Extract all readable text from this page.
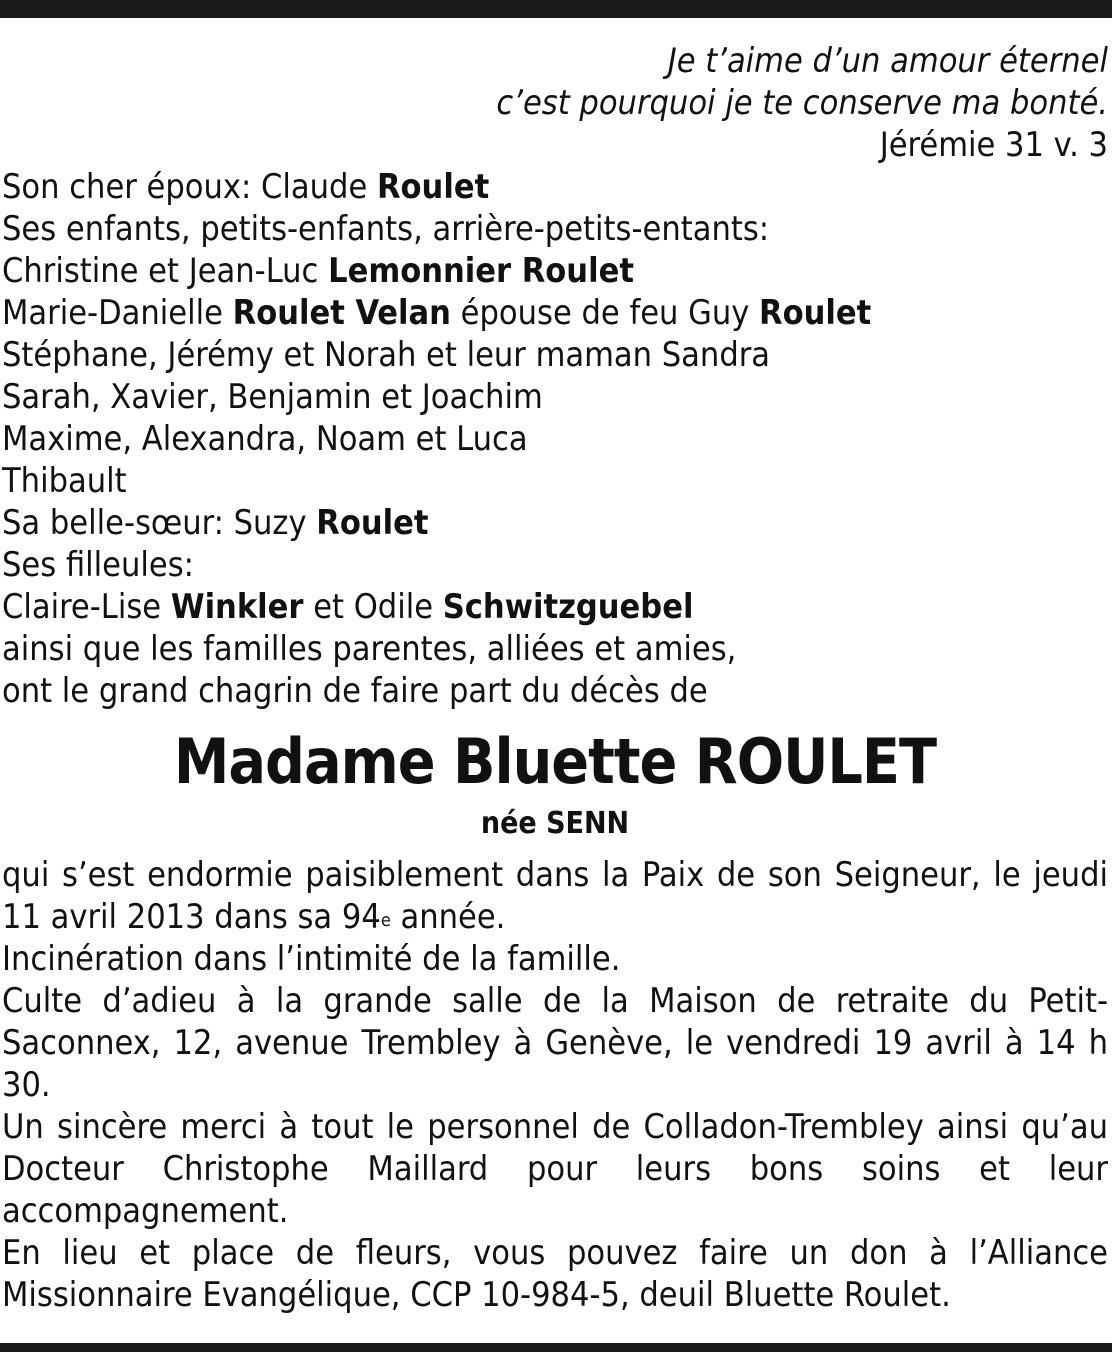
Je t’aime d’un amour éternel
c’est pourquoi je te conserve ma bonté.
Jérémie 31 v. 3
Son cher époux: Claude Roulet
Ses enfants, petits-enfants, arrière-petits-entants:
Christine et Jean-Luc Lemonnier Roulet
Marie-Danielle Roulet Velan épouse de feu Guy Roulet
Stéphane, Jérémy et Norah et leur maman Sandra
Sarah, Xavier, Benjamin et Joachim
Maxime, Alexandra, Noam et Luca
Thibault
Sa belle-sœur: Suzy Roulet
Ses filleules:
Claire-Lise Winkler et Odile Schwitzguebel
ainsi que les familles parentes, alliées et amies,
ont le grand chagrin de faire part du décès de
Madame Bluette ROULET
née SENN
qui s’est endormie paisiblement dans la Paix de son Seigneur, le jeudi 11 avril 2013 dans sa 94e année.
Incinération dans l’intimité de la famille.
Culte d’adieu à la grande salle de la Maison de retraite du Petit-Saconnex, 12, avenue Trembley à Genève, le vendredi 19 avril à 14 h 30.
Un sincère merci à tout le personnel de Colladon-Trembley ainsi qu’au Docteur Christophe Maillard pour leurs bons soins et leur accompagnement.
En lieu et place de fleurs, vous pouvez faire un don à l’Alliance Missionnaire Evangélique, CCP 10-984-5, deuil Bluette Roulet.
